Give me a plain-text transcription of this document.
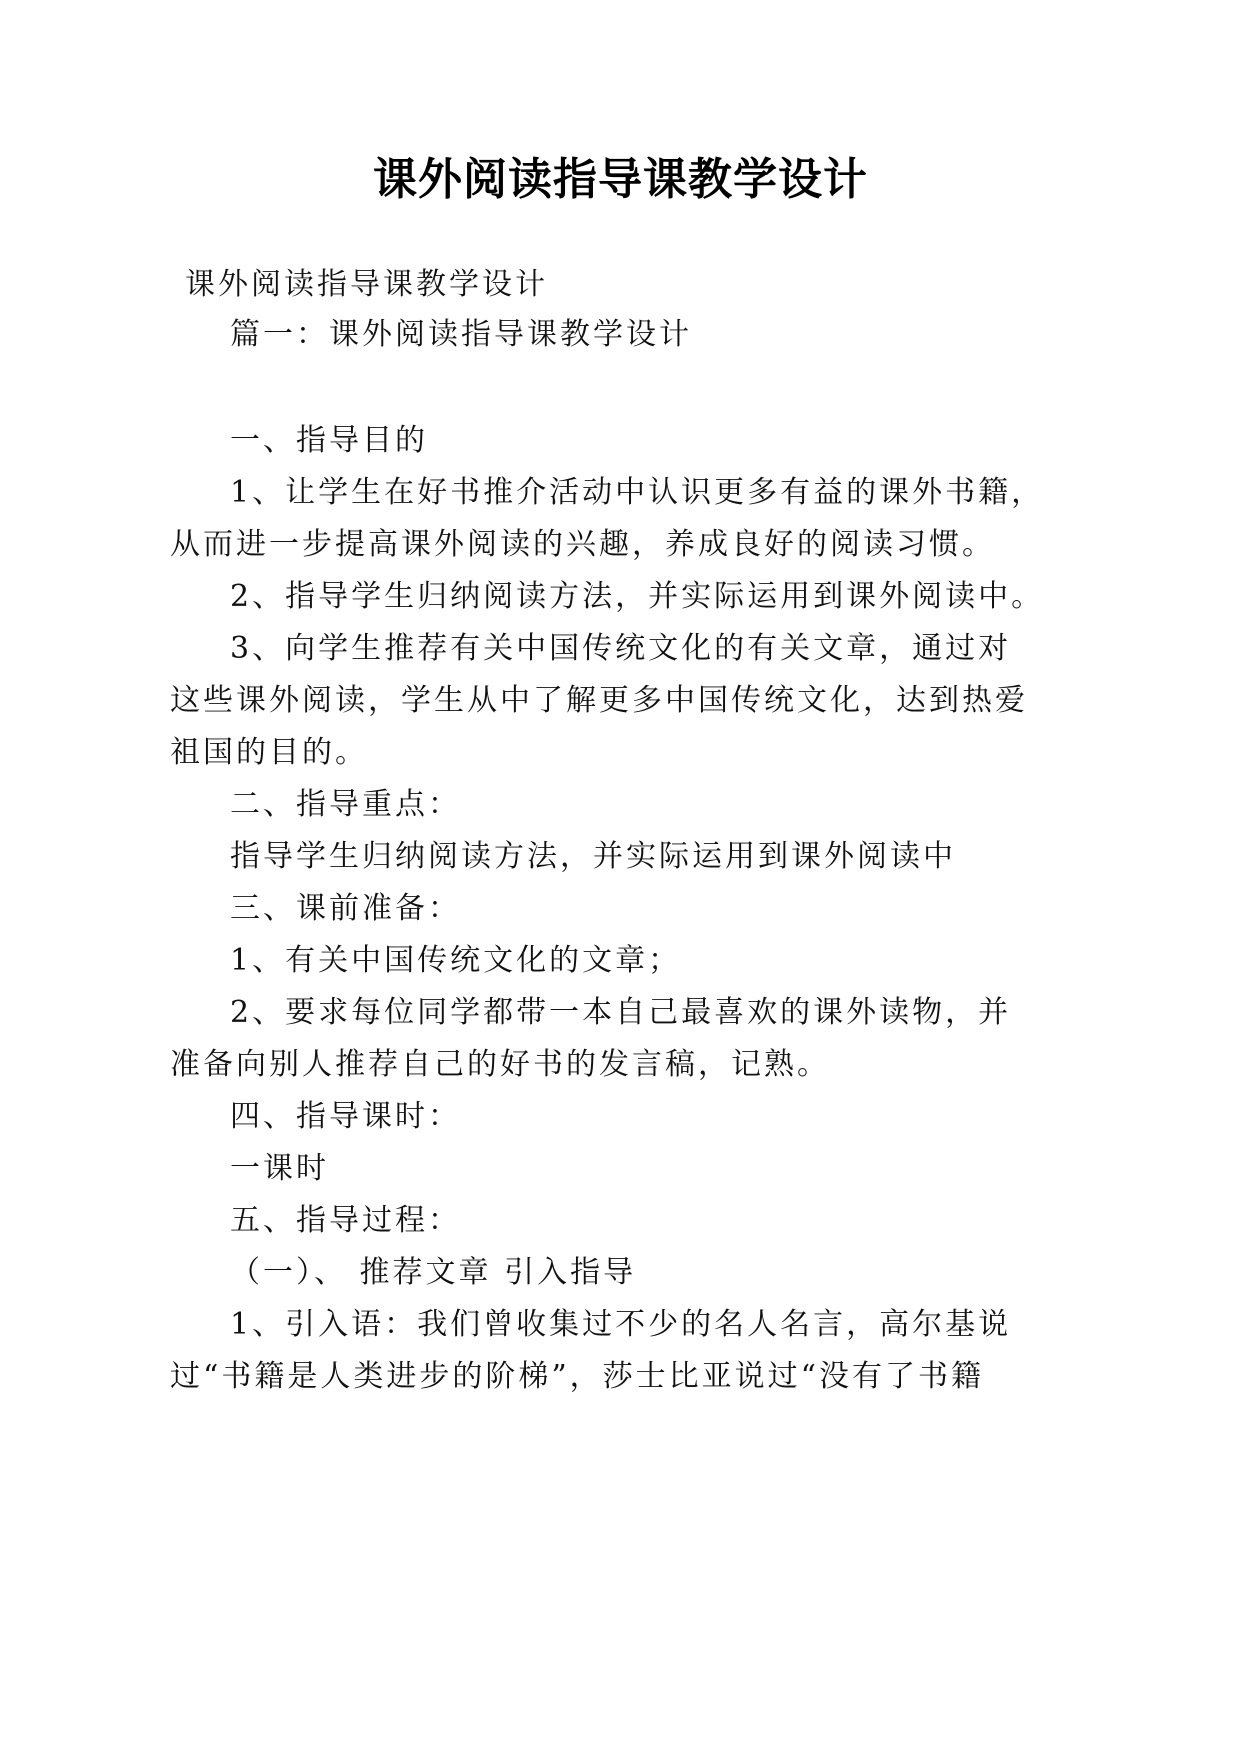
课外阅读指导课教学设计
课外阅读指导课教学设计
篇一：课外阅读指导课教学设计
一、指导目的
1、让学生在好书推介活动中认识更多有益的课外书籍，
从而进一步提高课外阅读的兴趣，养成良好的阅读习惯。
2、指导学生归纳阅读方法，并实际运用到课外阅读中。
3、向学生推荐有关中国传统文化的有关文章，通过对
这些课外阅读，学生从中了解更多中国传统文化，达到热爱
祖国的目的。
二、指导重点：
指导学生归纳阅读方法，并实际运用到课外阅读中
三、课前准备：
1、有关中国传统文化的文章；
2、要求每位同学都带一本自己最喜欢的课外读物，并
准备向别人推荐自己的好书的发言稿，记熟。
四、指导课时：
一课时
五、指导过程：
（一）、 推荐文章 引入指导
1、引入语：我们曾收集过不少的名人名言，高尔基说
过“书籍是人类进步的阶梯”，莎士比亚说过“没有了书籍
